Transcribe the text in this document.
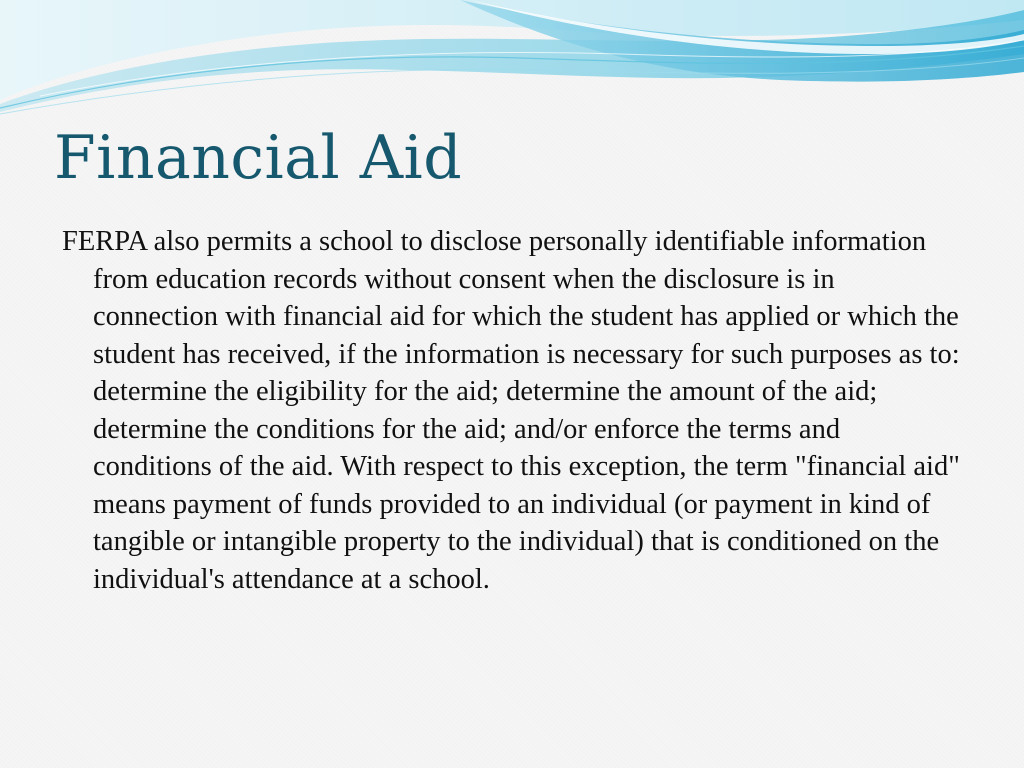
Financial Aid

FERPA also permits a school to disclose personally identifiable information from education records without consent when the disclosure is in connection with financial aid for which the student has applied or which the student has received, if the information is necessary for such purposes as to: determine the eligibility for the aid; determine the amount of the aid; determine the conditions for the aid; and/or enforce the terms and conditions of the aid. With respect to this exception, the term "financial aid" means payment of funds provided to an individual (or payment in kind of tangible or intangible property to the individual) that is conditioned on the individual's attendance at a school.
